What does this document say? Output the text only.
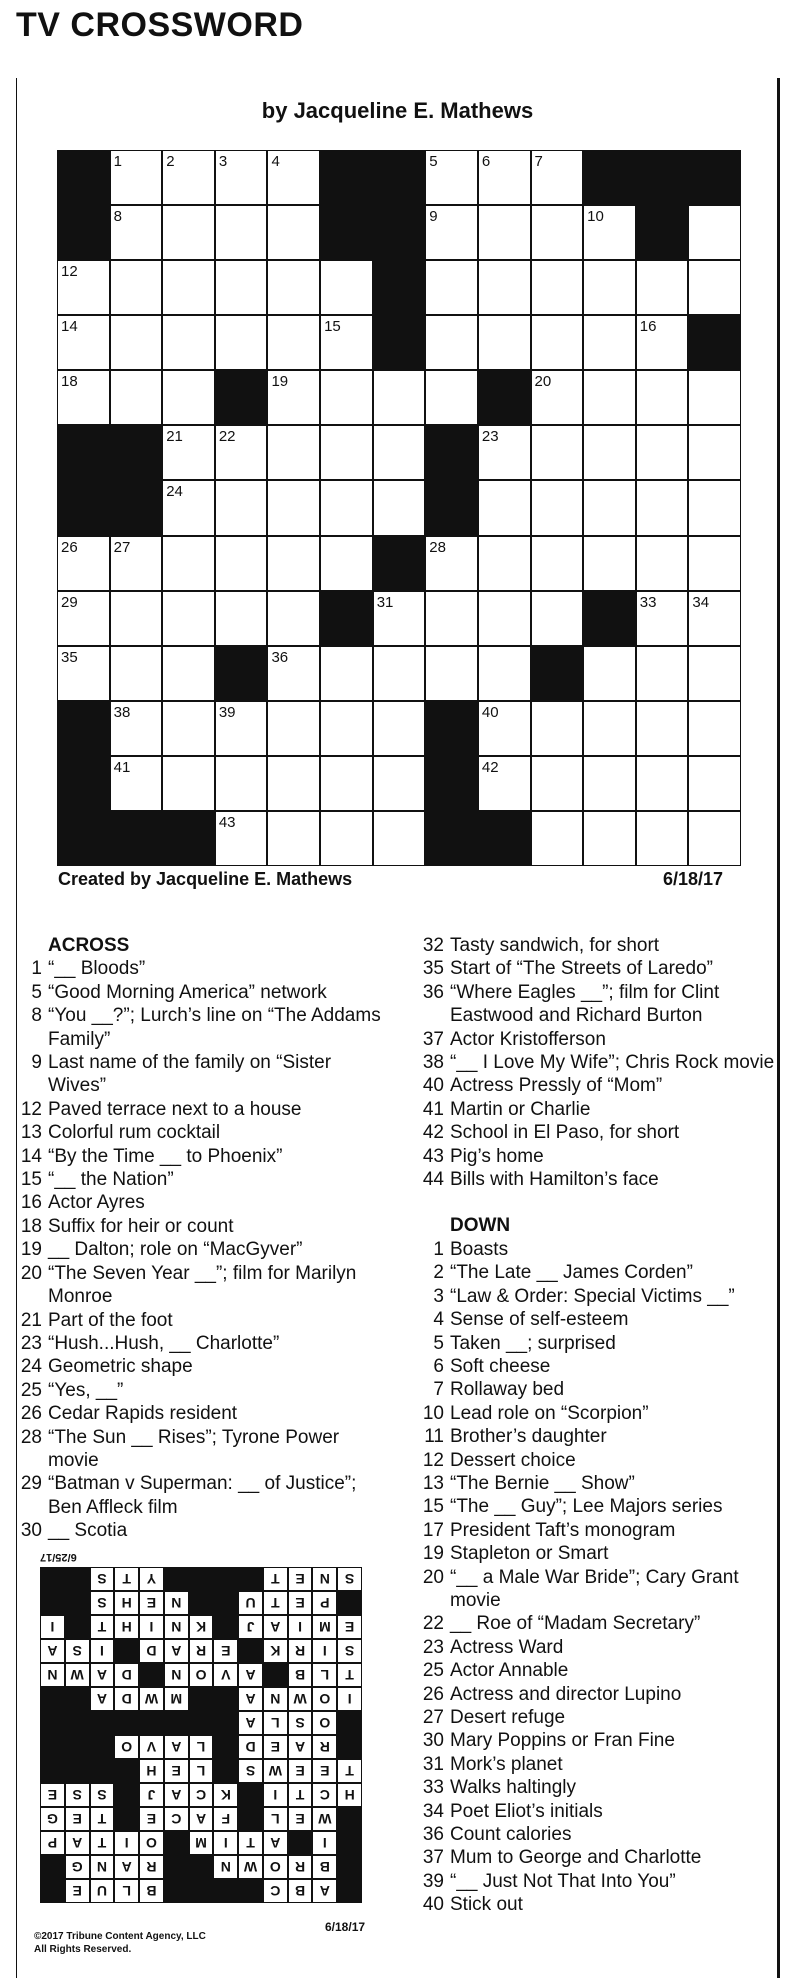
TV CROSSWORD
by Jacqueline E. Mathews
1	2	3	4	5	6	7
8	9	10
12
14	15	16
18	19	20
21 22	23
24
26 27	28
29	31	33 34
35	36
38	39	40
41	42
43
Created by Jacqueline E. Mathews	6/18/17
ACROSS
1 “__ Bloods”
5 “Good Morning America” network
8 “You __?”; Lurch’s line on “The Addams Family”
9 Last name of the family on “Sister Wives”
12 Paved terrace next to a house
13 Colorful rum cocktail
14 “By the Time __ to Phoenix”
15 “__ the Nation”
16 Actor Ayres
18 Suffix for heir or count
19 __ Dalton; role on “MacGyver”
20 “The Seven Year __”; film for Marilyn Monroe
21 Part of the foot
23 “Hush...Hush, __ Charlotte”
24 Geometric shape
25 “Yes, __”
26 Cedar Rapids resident
28 “The Sun __ Rises”; Tyrone Power movie
29 “Batman v Superman: __ of Justice”; Ben Affleck film
30 __ Scotia
32 Tasty sandwich, for short
35 Start of “The Streets of Laredo”
36 “Where Eagles __”; film for Clint Eastwood and Richard Burton
37 Actor Kristofferson
38 “__ I Love My Wife”; Chris Rock movie
40 Actress Pressly of “Mom”
41 Martin or Charlie
42 School in El Paso, for short
43 Pig’s home
44 Bills with Hamilton’s face
DOWN
1 Boasts
2 “The Late __ James Corden”
3 “Law & Order: Special Victims __”
4 Sense of self-esteem
5 Taken __; surprised
6 Soft cheese
7 Rollaway bed
10 Lead role on “Scorpion”
11 Brother’s daughter
12 Dessert choice
13 “The Bernie __ Show”
15 “The __ Guy”; Lee Majors series
17 President Taft’s monogram
19 Stapleton or Smart
20 “__ a Male War Bride”; Cary Grant movie
22 __ Roe of “Madam Secretary”
23 Actress Ward
25 Actor Annable
26 Actress and director Lupino
27 Desert refuge
30 Mary Poppins or Fran Fine
31 Mork’s planet
33 Walks haltingly
34 Poet Eliot’s initials
36 Count calories
37 Mum to George and Charlotte
39 “__ Just Not That Into You”
40 Stick out
6/25/17
A
B
C
B
L
U
E
B
R
O
W
N
R
A
N
G
I
A
T
I
M
O
I
T
A
P
W
E
L
F
A
C
E
T
E
G
H
C
T
I
K
C
A
J
S
S
E
T
E
E
W
S
L
E
H
R
A
E
D
L
A
V
O
O
S
L
A
I
O
W
N
A
M
W
D
A
T
L
B
A
V
O
N
D
A
W
N
S
I
R
K
E
R
A
D
I
S
A
E
M
I
A
J
K
N
I
H
T
I
P
E
T
U
N
E
H
S
S
N
E
T
Y
T
S
6/18/17
©2017 Tribune Content Agency, LLC
All Rights Reserved.
